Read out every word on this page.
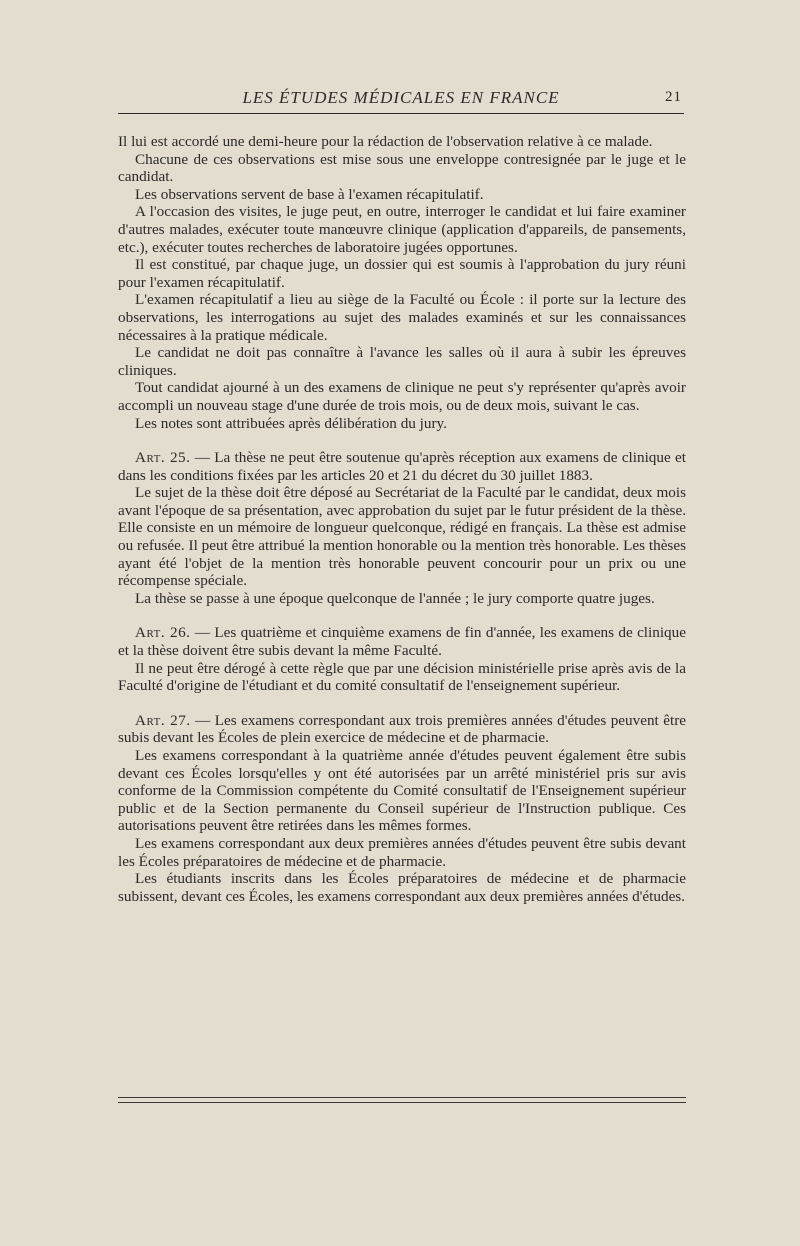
LES ÉTUDES MÉDICALES EN FRANCE	21

Il lui est accordé une demi-heure pour la rédaction de l'observation relative à ce malade.

Chacune de ces observations est mise sous une enveloppe contresignée par le juge et le candidat.

Les observations servent de base à l'examen récapitulatif.

A l'occasion des visites, le juge peut, en outre, interroger le candidat et lui faire examiner d'autres malades, exécuter toute manœuvre clinique (application d'appareils, de pansements, etc.), exécuter toutes recherches de laboratoire jugées opportunes.

Il est constitué, par chaque juge, un dossier qui est soumis à l'approbation du jury réuni pour l'examen récapitulatif.

L'examen récapitulatif a lieu au siège de la Faculté ou École : il porte sur la lecture des observations, les interrogations au sujet des malades examinés et sur les connaissances nécessaires à la pratique médicale.

Le candidat ne doit pas connaître à l'avance les salles où il aura à subir les épreuves cliniques.

Tout candidat ajourné à un des examens de clinique ne peut s'y représenter qu'après avoir accompli un nouveau stage d'une durée de trois mois, ou de deux mois, suivant le cas.

Les notes sont attribuées après délibération du jury.

Art. 25. — La thèse ne peut être soutenue qu'après réception aux examens de clinique et dans les conditions fixées par les articles 20 et 21 du décret du 30 juillet 1883.

Le sujet de la thèse doit être déposé au Secrétariat de la Faculté par le candidat, deux mois avant l'époque de sa présentation, avec approbation du sujet par le futur président de la thèse. Elle consiste en un mémoire de longueur quelconque, rédigé en français. La thèse est admise ou refusée. Il peut être attribué la mention honorable ou la mention très honorable. Les thèses ayant été l'objet de la mention très honorable peuvent concourir pour un prix ou une récompense spéciale.

La thèse se passe à une époque quelconque de l'année ; le jury comporte quatre juges.

Art. 26. — Les quatrième et cinquième examens de fin d'année, les examens de clinique et la thèse doivent être subis devant la même Faculté.

Il ne peut être dérogé à cette règle que par une décision ministérielle prise après avis de la Faculté d'origine de l'étudiant et du comité consultatif de l'enseignement supérieur.

Art. 27. — Les examens correspondant aux trois premières années d'études peuvent être subis devant les Écoles de plein exercice de médecine et de pharmacie.

Les examens correspondant à la quatrième année d'études peuvent également être subis devant ces Écoles lorsqu'elles y ont été autorisées par un arrêté ministériel pris sur avis conforme de la Commission compétente du Comité consultatif de l'Enseignement supérieur public et de la Section permanente du Conseil supérieur de l'Instruction publique. Ces autorisations peuvent être retirées dans les mêmes formes.

Les examens correspondant aux deux premières années d'études peuvent être subis devant les Écoles préparatoires de médecine et de pharmacie.

Les étudiants inscrits dans les Écoles préparatoires de médecine et de pharmacie subissent, devant ces Écoles, les examens correspondant aux deux premières années d'études.
